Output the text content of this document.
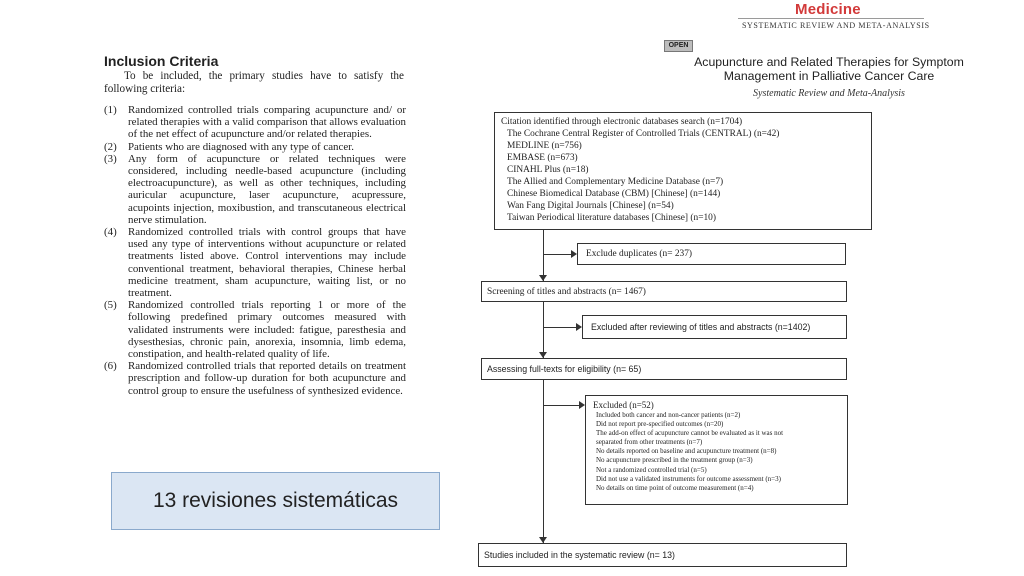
Medicine
SYSTEMATIC REVIEW AND META-ANALYSIS
OPEN
Acupuncture and Related Therapies for Symptom Management in Palliative Cancer Care
Systematic Review and Meta-Analysis
Inclusion Criteria
To be included, the primary studies have to satisfy the following criteria:
(1)	Randomized controlled trials comparing acupuncture and/ or related therapies with a valid comparison that allows evaluation of the net effect of acupuncture and/or related therapies.
(2)	Patients who are diagnosed with any type of cancer.
(3)	Any form of acupuncture or related techniques were considered, including needle-based acupuncture (including electroacupuncture), as well as other techniques, including auricular acupuncture, laser acupuncture, acupressure, acupoints injection, moxibustion, and transcutaneous electrical nerve stimulation.
(4)	Randomized controlled trials with control groups that have used any type of interventions without acupuncture or related treatments listed above. Control interventions may include conventional treatment, behavioral therapies, Chinese herbal medicine treatment, sham acupuncture, waiting list, or no treatment.
(5)	Randomized controlled trials reporting 1 or more of the following predefined primary outcomes measured with validated instruments were included: fatigue, paresthesia and dysesthesias, chronic pain, anorexia, insomnia, limb edema, constipation, and health-related quality of life.
(6)	Randomized controlled trials that reported details on treatment prescription and follow-up duration for both acupuncture and control group to ensure the usefulness of synthesized evidence.
13 revisiones sistemáticas
Citation identified through electronic databases search (n=1704)
The Cochrane Central Register of Controlled Trials (CENTRAL) (n=42)
MEDLINE (n=756)
EMBASE (n=673)
CINAHL Plus (n=18)
The Allied and Complementary Medicine Database (n=7)
Chinese Biomedical Database (CBM) [Chinese] (n=144)
Wan Fang Digital Journals [Chinese] (n=54)
Taiwan Periodical literature databases [Chinese] (n=10)
Exclude duplicates (n= 237)
Screening of titles and abstracts (n= 1467)
Excluded after reviewing of titles and abstracts (n=1402)
Assessing full-texts for eligibility (n= 65)
Excluded (n=52)
Included both cancer and non-cancer patients (n=2)
Did not report pre-specified outcomes (n=20)
The add-on effect of acupuncture cannot be evaluated as it was not
separated from other treatments (n=7)
No details reported on baseline and acupuncture treatment (n=8)
No acupuncture prescribed in the treatment group (n=3)
Not a randomized controlled trial (n=5)
Did not use a validated instruments for outcome assessment (n=3)
No details on time point of outcome measurement (n=4)
Studies included in the systematic review (n= 13)
